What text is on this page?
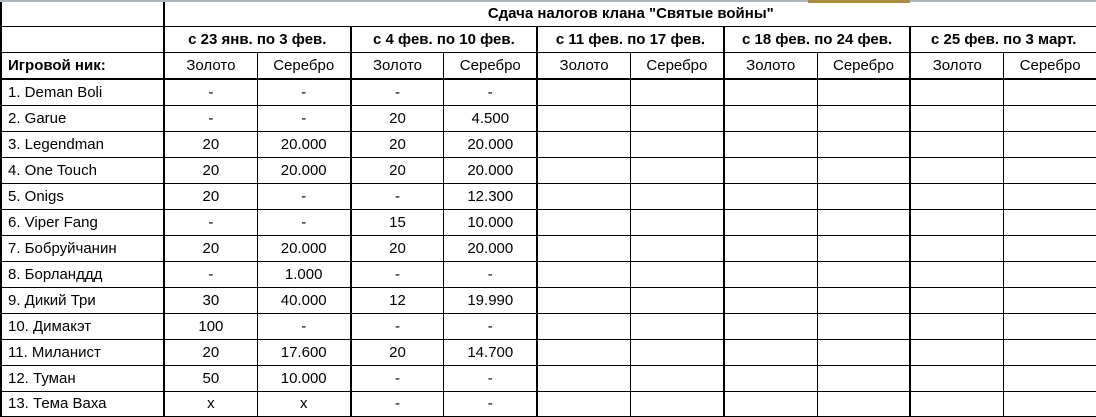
	Сдача налогов клана "Святые войны"									
	с 23 янв. по 3 фев.		с 4 фев. по 10 фев.		с 11 фев. по 17 фев.		с 18 фев. по 24 фев.		с 25 фев. по 3 март.	
Игровой ник:	Золото	Серебро	Золото	Серебро	Золото	Серебро	Золото	Серебро	Золото	Серебро
1. Deman Boli	-	-	-	-						
2. Garue	-	-	20	4.500						
3. Legendman	20	20.000	20	20.000						
4. One Touch	20	20.000	20	20.000						
5. Onigs	20	-	-	12.300						
6. Viper Fang	-	-	15	10.000						
7. Бобруйчанин	20	20.000	20	20.000						
8. Борланддд	-	1.000	-	-						
9. Дикий Три	30	40.000	12	19.990						
10. Димакэт	100	-	-	-						
11. Миланист	20	17.600	20	14.700						
12. Туман	50	10.000	-	-						
13. Тема Ваха	x	x	-	-						
